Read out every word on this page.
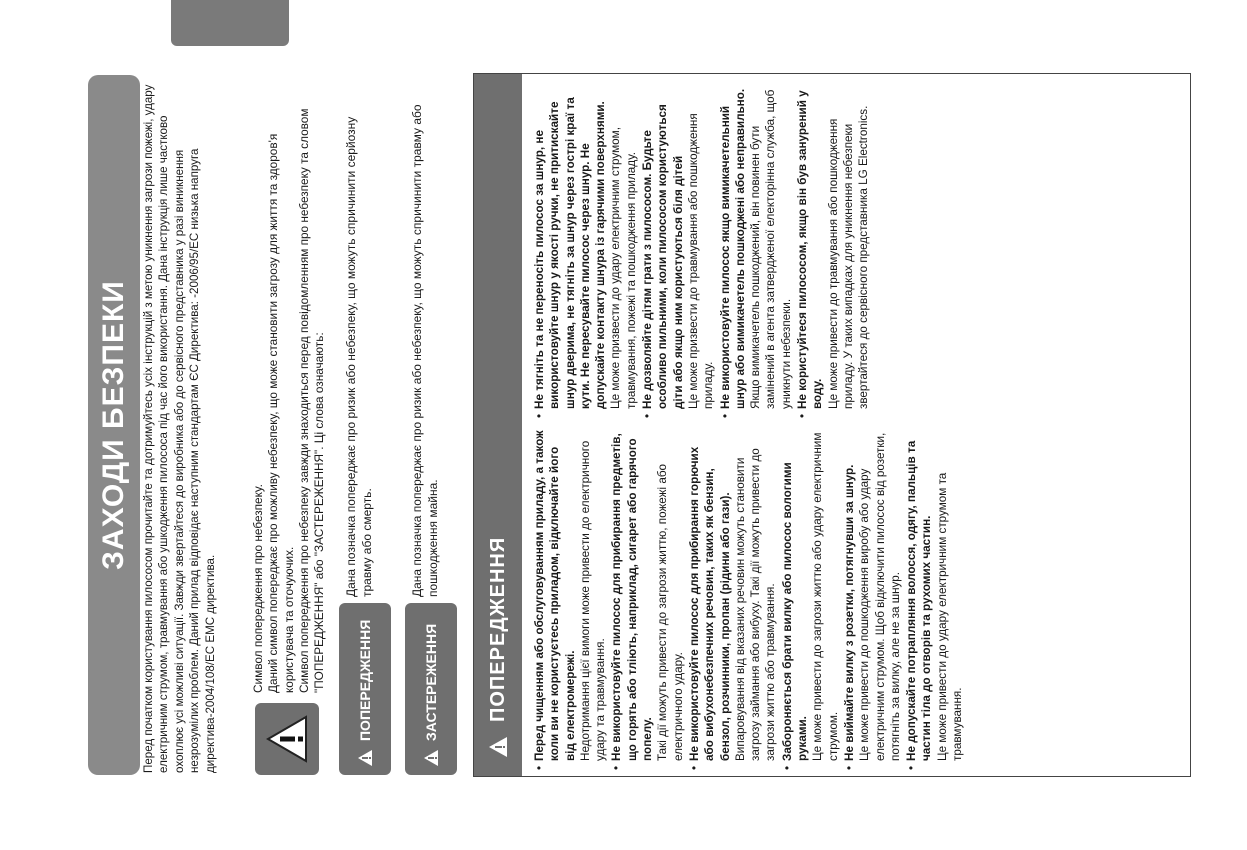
ЗАХОДИ БЕЗПЕКИ	Перед початком користування пилососом прочитайте та дотримуйтесь усіх інструкцій з метою уникнення загрози пожежі, удару електричним струмом, травмування або ушкодження пилососа під час його використання. Дана інструкція лише частково охоплює усі можливі ситуації. Завжди звертайтеся до виробника або до сервісного представника у разі виникнення незрозумілих проблем. Даний прилад відповідає наступним стандартам ЄС Директива: -2006/95/ЕС низька напруга директива-2004/108/ЕС EMC директива.	Символ попередження про небезпеку. Даний символ попереджає про можливу небезпеку, що може становити загрозу для життя та здоров'я користувача та оточуючих. Символ попередження про небезпеку завжди знаходиться перед повідомленням про небезпеку та словом "ПОПЕРЕДЖЕННЯ" або "ЗАСТЕРЕЖЕННЯ". Ці слова означають: ПОПЕРЕДЖЕННЯ

Дана позначка попереджає про ризик або небезпеку, що можуть спричинити серйозну травму або смерть.

ЗАСТЕРЕЖЕННЯ

Дана позначка попереджає про ризик або небезпеку, що можуть спричинити травму або пошкодження майна. ПОПЕРЕДЖЕННЯ • Перед чищенням або обслуговуванням приладу, а також коли ви не користуєтесь приладом, відключайте його від електромережі. Недотримання цієї вимоги може привести до електричного удару та травмування. • Не використовуйте пилосос для прибирання предметів, що горять або тліють, наприклад, сигарет або гарячого попелу. Такі дії можуть привести до загрози життю, пожежі або електричного удару. • Не використовуйте пилосос для прибирання горючих або вибухонебезпечних речовин, таких як бензин, бензол, розчинники, пропан (рідини або гази). Випаровування від вказаних речовин можуть становити загрозу займання або вибуху. Такі дії можуть привести до загрози життю або травмування. • Забороняється брати вилку або пилосос вологими руками. Це може привести до загрози життю або удару електричним струмом. • Не виймайте вилку з розетки, потягнувши за шнур. Це може привести до пошкодження виробу або удару електричним струмом. Щоб відключити пилосос від розетки, потягніть за вилку, але не за шнур. • Не допускайте потрапляння волосся, одягу, пальців та частин тіла до отворів та рухомих частин. Це може привести до удару електричним струмом та травмування.
• Не тягніть та не переносіть пилосос за шнур, не використовуйте шнур у якості ручки, не притискайте шнур дверима, не тягніть за шнур через гострі краї та кути. Не пересувайте пилосос через шнур. Не допускайте контакту шнура із гарячими поверхнями. Це може призвести до удару електричним струмом, травмування, пожежі та пошкодження приладу. • Не дозволяйте дітям грати з пилососом. Будьте особливо пильними, коли пилососом користуються діти або якщо ним користуються біля дітей Це може призвести до травмування або пошкодження приладу. • Не використовуйте пилосос якщо вимикачетельний шнур або вимикачетель пошкоджені або неправильно. Якщо вимикачетель пошкоджений, він повинен бути замінений в агента затвердженої електорінна служба, щоб уникнути небезпеки. • Не користуйтеся пилососом, якщо він був занурений у воду. Це може привести до травмування або пошкодження приладу. У таких випадках для уникнення небезпеки звертайтеся до сервісного представника LG Electronics.
